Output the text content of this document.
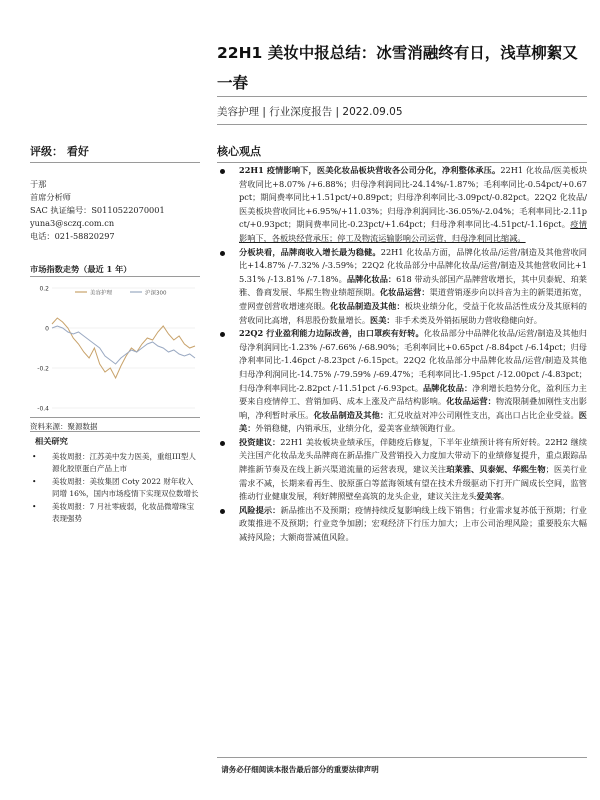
22H1 美妆中报总结：冰雪消融终有日，浅草柳絮又一春
美容护理 | 行业深度报告 | 2022.09.05
评级： 看好	核心观点
于那
首席分析师
SAC 执证编号：S0110522070001
yuna3@sczq.com.cn
电话：021-58820297
市场指数走势（最近 1 年）
0.2
0
-0.2
-0.4
美容护理	沪深300
资料来源：聚源数据
相关研究
• 美妆周报：江苏美中发力医美，重组III型人源化胶原蛋白产品上市
• 美妆周报：美妆集团 Coty 2022 财年收入同增 16%，国内市场疫情下实现双位数增长
• 美妆周报：7 月社零疲弱，化妆品微增珠宝表现强势
22H1 疫情影响下，医美化妆品板块营收各公司分化，净利整体承压。22H1 化妆品/医美板块营收同比+8.07% /+6.88%；归母净利润同比-24.14%/-1.87%；毛利率同比-0.54pct/+0.67pct；期间费率同比+1.51pct/+0.89pct；归母净利率同比-3.09pct/-0.82pct。22Q2 化妆品/医美板块营收同比+6.95%/+11.03%；归母净利润同比-36.05%/-2.04%；毛利率同比-2.11pct/+0.93pct；期间费率同比-0.23pct/+1.64pct；归母净利率同比-4.51pct/-1.16pct。疫情影响下，各板块经营承压；停工及物流运输影响公司运营，归母净利同比缩减。
分板块看，品牌商收入增长最为稳健。22H1 化妆品方面，品牌化妆品/运营/制造及其他营收同比+14.87% /-7.32% /-3.59%；22Q2 化妆品部分中品牌化妆品/运营/制造及其他营收同比+15.31% /-13.81% /-7.18%。品牌化妆品：618 带动头部国产品牌营收增长，其中贝泰妮、珀莱雅、鲁商发展、华熙生物业绩超预期。化妆品运营：渠道营销逐步向以抖音为主的新渠道拓宽，壹网壹创营收增速亮眼。化妆品制造及其他：板块业绩分化，受益于化妆品活性成分及其原料的营收同比高增，科思股份数量增长。医美：非手术类及外销拓展助力营收稳健向好。
22Q2 行业盈利能力边际改善，由口罩疾有好转。化妆品部分中品牌化妆品/运营/制造及其他归母净利润同比-1.23% /-67.66% /-68.90%；毛利率同比+0.65pct /-8.84pct /-6.14pct；归母净利率同比-1.46pct /-8.23pct /-6.15pct。22Q2 化妆品部分中品牌化妆品/运营/制造及其他归母净利润同比-14.75% /-79.59% /-69.47%；毛利率同比-1.95pct /-12.00pct /-4.83pct；归母净利率同比-2.82pct /-11.51pct /-6.93pct。品牌化妆品：净利增长趋势分化，盈利压力主要来自疫情停工、营销加码、成本上涨及产品结构影响。化妆品运营：物流限制叠加刚性支出影响，净利暂时承压。化妆品制造及其他：汇兑收益对冲公司刚性支出，高出口占比企业受益。医美：外销稳健，内销承压，业绩分化，爱美客业绩领跑行业。
投资建议：22H1 美妆板块业绩承压，伴随疫后修复，下半年业绩预计将有所好转。22H2 继续关注国产化妆品龙头品牌商在新品推广及营销投入力度加大带动下的业绩修复提升，重点跟踪品牌推新节奏及在线上新兴渠道流量的运营表现，建议关注珀莱雅、贝泰妮、华熙生物；医美行业需求不减，长期来看再生、胶原蛋白等蓝海领域有望在技术升级驱动下打开广阔成长空间，监管推动行业健康发展，利好牌照壁垒高筑的龙头企业，建议关注龙头爱美客。
风险提示：新品推出不及预期；疫情持续反复影响线上线下销售；行业需求复苏低于预期；行业政策推进不及预期；行业竞争加剧；宏观经济下行压力加大；上市公司治理风险；重要股东大幅减持风险；大额商誉减值风险。
请务必仔细阅读本报告最后部分的重要法律声明
